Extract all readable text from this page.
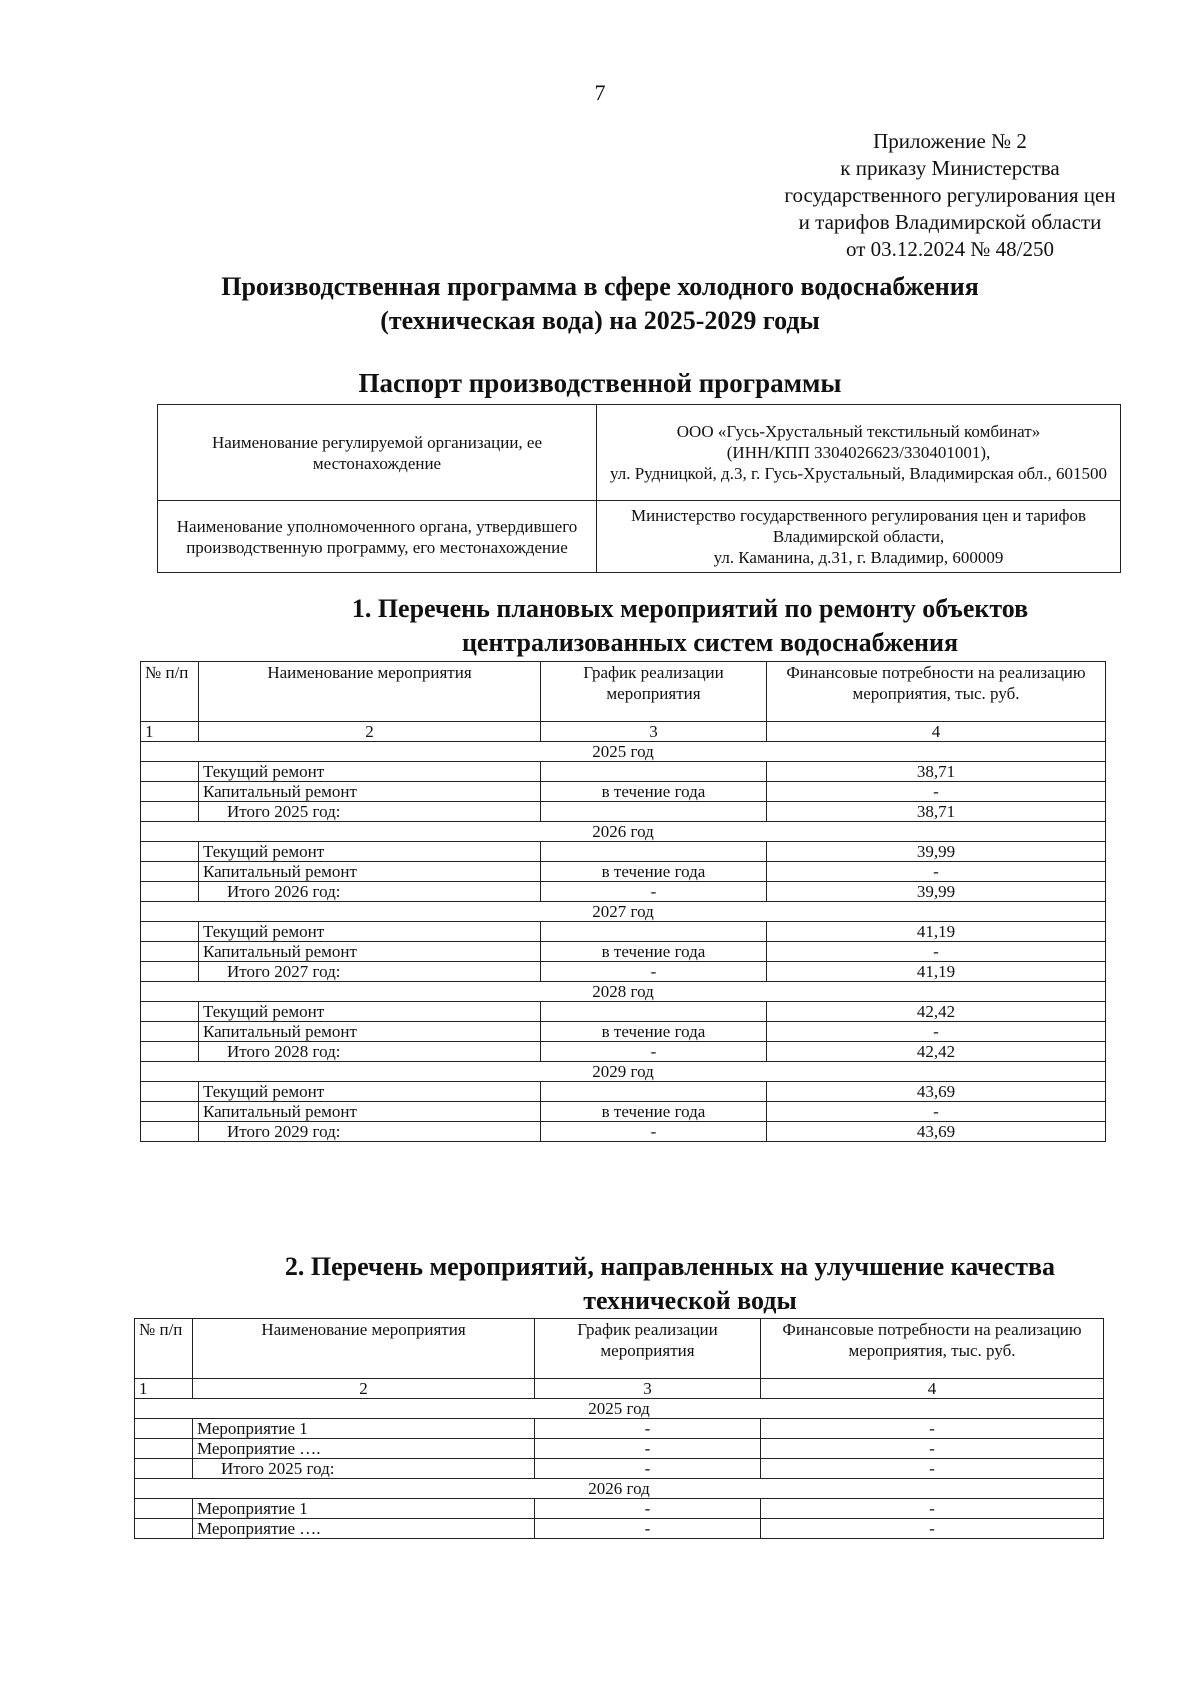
7
Приложение № 2
к приказу Министерства
государственного регулирования цен
и тарифов Владимирской области
от 03.12.2024 № 48/250
Производственная программа в сфере холодного водоснабжения
(техническая вода) на 2025-2029 годы
Паспорт производственной программы
Наименование регулируемой организации, ее местонахождение	ООО «Гусь-Хрустальный текстильный комбинат»
(ИНН/КПП 3304026623/330401001),
ул. Рудницкой, д.3, г. Гусь-Хрустальный, Владимирская обл., 601500

Наименование уполномоченного органа, утвердившего производственную программу, его местонахождение	Министерство государственного регулирования цен и тарифов Владимирской области,
ул. Каманина, д.31, г. Владимир, 600009
1. Перечень плановых мероприятий по ремонту объектов
централизованных систем водоснабжения
№ п/п	Наименование мероприятия	График реализации мероприятия	Финансовые потребности на реализацию мероприятия, тыс. руб.
1	2	3	4
2025 год			
	Текущий ремонт		38,71
	Капитальный ремонт	в течение года	-
	Итого 2025 год:		38,71
2026 год			
	Текущий ремонт		39,99
	Капитальный ремонт	в течение года	-
	Итого 2026 год:	-	39,99
2027 год			
	Текущий ремонт		41,19
	Капитальный ремонт	в течение года	-
	Итого 2027 год:	-	41,19
2028 год			
	Текущий ремонт		42,42
	Капитальный ремонт	в течение года	-
	Итого 2028 год:	-	42,42
2029 год			
	Текущий ремонт		43,69
	Капитальный ремонт	в течение года	-
	Итого 2029 год:	-	43,69
2. Перечень мероприятий, направленных на улучшение качества
технической воды
№ п/п	Наименование мероприятия	График реализации мероприятия	Финансовые потребности на реализацию мероприятия, тыс. руб.
1	2	3	4
2025 год			
	Мероприятие 1	-	-
	Мероприятие ….	-	-
	Итого 2025 год:	-	-
2026 год			
	Мероприятие 1	-	-
	Мероприятие ….	-	-
